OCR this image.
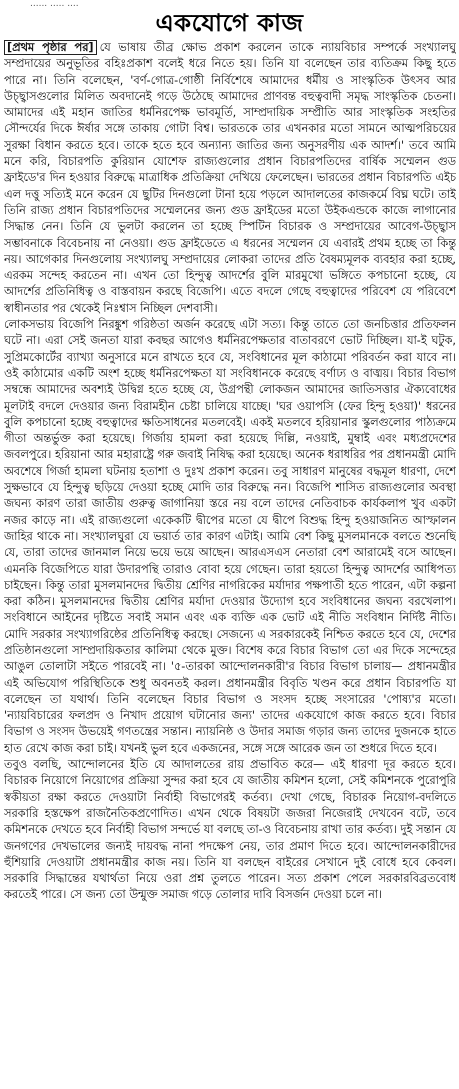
...... ..... ....
একযোগে কাজ

[প্রথম পৃষ্ঠার পর] যে ভাষায় তীব্র ক্ষোভ প্রকাশ করলেন তাকে ন্যায়বিচার সম্পর্কে সংখ্যালঘু সম্প্রদায়ের অনুভূতির বহিঃপ্রকাশ বলেই ধরে নিতে হয়। তিনি যা বলেছেন তার ব্যতিক্রম কিছু হতে পারে না। তিনি বলেছেন, 'বর্ণ-গোত্র-গোষ্ঠী নির্বিশেষে আমাদের ধর্মীয় ও সাংস্কৃতিক উৎসব আর উচ্ছ্বাসগুলোর মিলিত অবদানেই গড়ে উঠেছে আমাদের প্রাণবন্ত বহুত্ববাদী সমৃদ্ধ সাংস্কৃতিক চেতনা। আমাদের এই মহান জাতির ধর্মনিরপেক্ষ ভাবমূর্তি, সাম্প্রদায়িক সম্প্রীতি আর সাংস্কৃতিক সংহতির সৌন্দর্যের দিকে ঈর্ষার সঙ্গে তাকায় গোটা বিশ্ব। ভারতকে তার এখনকার মতো সামনে আত্মপরিচয়ের সুরক্ষা বিধান করতে হবে। তাকে হতে হবে অন্যান্য জাতির জন্য অনুসরণীয় এক আদর্শ।' তবে আমি মনে করি, বিচারপতি কুরিয়ান যোশেফ রাজ্যগুলোর প্রধান বিচারপতিদের বার্ষিক সম্মেলন গুড ফ্রাইডে'র দিন হওয়ার বিরুদ্ধে মাত্রাধিক প্রতিক্রিয়া দেখিয়ে ফেলেছেন। ভারতের প্রধান বিচারপতি এইচ এল দত্তু সত্যিই মনে করেন যে ছুটির দিনগুলো টানা হয়ে পড়লে আদালতের কাজকর্মে বিঘ্ন ঘটে। তাই তিনি রাজ্য প্রধান বিচারপতিদের সম্মেলনের জন্য গুড ফ্রাইডের মতো উইকএন্ডকে কাজে লাগানোর সিদ্ধান্ত নেন। তিনি যে ভুলটা করলেন তা হচ্ছে স্পিটিন বিচারক ও সম্প্রদায়ের আবেগ-উচ্ছ্বাস সম্ভাবনাকে বিবেচনায় না নেওয়া। গুড ফ্রাইডেতে এ ধরনের সম্মেলন যে এবারই প্রথম হচ্ছে তা কিন্তু নয়। আগেকার দিনগুলোয় সংখ্যালঘু সম্প্রদায়ের লোকরা তাদের প্রতি বৈষম্যমূলক ব্যবহার করা হচ্ছে, এরকম সন্দেহ করতেন না। এখন তো হিন্দুত্ব আদর্শের বুলি মারমুখো ভঙ্গিতে কপচানো হচ্ছে, যে আদর্শের প্রতিনিধিত্ব ও বাস্তবায়ন করছে বিজেপি। এতে বদলে গেছে বহুত্বাদের পরিবেশ যে পরিবেশে স্বাধীনতার পর থেকেই নিঃশ্বাস নিচ্ছিল দেশবাসী।

লোকসভায় বিজেপি নিরঙ্কুশ গরিষ্ঠতা অর্জন করেছে এটা সত্য। কিন্তু তাতে তো জনচিত্তার প্রতিফলন ঘটে না। এরা সেই জনতা যারা কবছর আগেও ধর্মনিরপেক্ষতার বাতাবরণে ভোট দিচ্ছিল। যা-ই ঘটুক, সুপ্রিমকোর্টের ব্যাখ্যা অনুসারে মনে রাখতে হবে যে, সংবিধানের মূল কাঠামো পরিবর্তন করা যাবে না। ওই কাঠামোর একটি অংশ হচ্ছে ধর্মনিরপেক্ষতা যা সংবিধানকে করেছে বর্ণাঢ্য ও বাঙ্ময়। বিচার বিভাগ সম্বন্ধে আমাদের অবশ্যই উদ্বিগ্ন হতে হচ্ছে যে, উগ্রপন্থী লোকজন আমাদের জাতিসত্তার ঐক্যবোধের মূলটাই বদলে দেওয়ার জন্য বিরামহীন চেষ্টা চালিয়ে যাচ্ছে। 'ঘর ওয়াপসি (ফের হিন্দু হওয়া)' ধরনের বুলি কপচানো হচ্ছে বহুত্বাদের ক্ষতিসাধনের মতলবেই। একই মতলবে হরিয়ানার স্কুলগুলোর পাঠ্যক্রমে গীতা অন্তর্ভুক্ত করা হয়েছে। গির্জায় হামলা করা হয়েছে দিল্লি, নওয়াই, মুম্বাই এবং মধ্যপ্রদেশের জবলপুরে। হরিয়ানা আর মহারাষ্ট্রে গরু জবাই নিষিদ্ধ করা হয়েছে। অনেক ধরাধরির পর প্রধানমন্ত্রী মোদি অবশেষে গির্জা হামলা ঘটনায় হতাশা ও দুঃখ প্রকাশ করেন। তবু সাধারণ মানুষের বদ্ধমূল ধারণা, দেশে সুক্ষভাবে যে হিন্দুত্ব ছড়িয়ে দেওয়া হচ্ছে মোদি তার বিরুদ্ধে নন। বিজেপি শাসিত রাজ্যগুলোর অবস্থা জঘন্য কারণ তারা জাতীয় গুরুত্ব জাগানিয়া স্তরে নয় বলে তাদের নেতিবাচক কার্যকলাপ খুব একটা নজর কাড়ে না। এই রাজ্যগুলো একেকটি দ্বীপের মতো যে দ্বীপে বিশুদ্ধ হিন্দু হওয়াজনিত আস্ফালন জাহির থাকে না। সংখ্যালঘুরা যে ভয়ার্ত তার কারণ এটাই। আমি বেশ কিছু মুসলমানকে বলতে শুনেছি যে, তারা তাদের জানমাল নিয়ে ভয়ে ভয়ে আছেন। আরএসএস নেতারা বেশ আরামেই বসে আছেন। এমনকি বিজেপিতে যারা উদারপন্থি তারাও বোবা হয়ে গেছেন। তারা হয়তো হিন্দুত্ব আদর্শের আধিপত্য চাইছেন। কিন্তু তারা মুসলমানদের দ্বিতীয় শ্রেণির নাগরিকের মর্যাদার পক্ষপাতী হতে পারেন, এটা কল্পনা করা কঠিন। মুসলমানদের দ্বিতীয় শ্রেণির মর্যাদা দেওয়ার উদ্যোগ হবে সংবিধানের জঘন্য বরখেলাপ। সংবিধানে আইনের দৃষ্টিতে সবাই সমান এবং এক ব্যক্তি এক ভোট এই নীতি সংবিধান নির্দিষ্ট নীতি। মোদি সরকার সংখ্যাগরিষ্ঠের প্রতিনিধিত্ব করছে। সেজন্যে এ সরকারকেই নিশ্চিত করতে হবে যে, দেশের প্রতিষ্ঠানগুলো সাম্প্রদায়িকতার কালিমা থেকে মুক্ত। বিশেষ করে বিচার বিভাগ তো এর দিকে সন্দেহের আঙুল তোলাটা সইতে পারবেই না। '৫-তারকা আন্দোলনকারী'র বিচার বিভাগ চালায়— প্রধানমন্ত্রীর এই অভিযোগ পরিস্থিতিকে শুধু অবনতই করল। প্রধানমন্ত্রীর বিবৃতি খণ্ডন করে প্রধান বিচারপতি যা বলেছেন তা যথার্থ। তিনি বলেছেন বিচার বিভাগ ও সংসদ হচ্ছে সংসারের 'পোষ্য'র মতো। 'ন্যায়বিচারের ফলপ্রদ ও নিখাদ প্রয়োগ ঘটানোর জন্য' তাদের একযোগে কাজ করতে হবে। বিচার বিভাগ ও সংসদ উভয়েই গণতন্ত্রের সন্তান। ন্যায়নিষ্ঠ ও উদার সমাজ গড়ার জন্য তাদের দুজনকে হাতে হাত রেখে কাজ করা চাই। যখনই ভুল হবে একজনের, সঙ্গে সঙ্গে আরেক জন তা শুধরে দিতে হবে।

তবুও বলছি, আন্দোলনের ইতি যে আদালতের রায় প্রভাবিত করে— এই ধারণা দূর করতে হবে। বিচারক নিয়োগে নিয়োগের প্রক্রিয়া সুন্দর করা হবে যে জাতীয় কমিশন হলো, সেই কমিশনকে পুরোপুরি স্বকীয়তা রক্ষা করতে দেওয়াটা নির্বাহী বিভাগেরই কর্তব্য। দেখা গেছে, বিচারক নিয়োগ-বদলিতে সরকারি হস্তক্ষেপ রাজনৈতিকপ্রণোদিত। এখন থেকে বিষয়টা জজরা নিজেরাই দেখবেন বটে, তবে কমিশনকে দেখতে হবে নির্বাহী বিভাগ সন্দর্ভে যা বলছে তা-ও বিবেচনায় রাখা তার কর্তব্য। দুই সন্তান যে জনগণের দেখভালের জন্যই দায়বদ্ধ নানা পদক্ষেপ নেয়, তার প্রমাণ দিতে হবে। আন্দোলনকারীদের হুঁশিয়ারি দেওয়াটা প্রধানমন্ত্রীর কাজ নয়। তিনি যা বলছেন বাইরের সেখানে দুই বোধে হবে কেবল। সরকারি সিদ্ধান্তের যথার্থতা নিয়ে ওরা প্রশ্ন তুলতে পারেন। সত্য প্রকাশ পেলে সরকারবিব্রতবোধ করতেই পারে। সে জন্য তো উন্মুক্ত সমাজ গড়ে তোলার দাবি বিসর্জন দেওয়া চলে না।
